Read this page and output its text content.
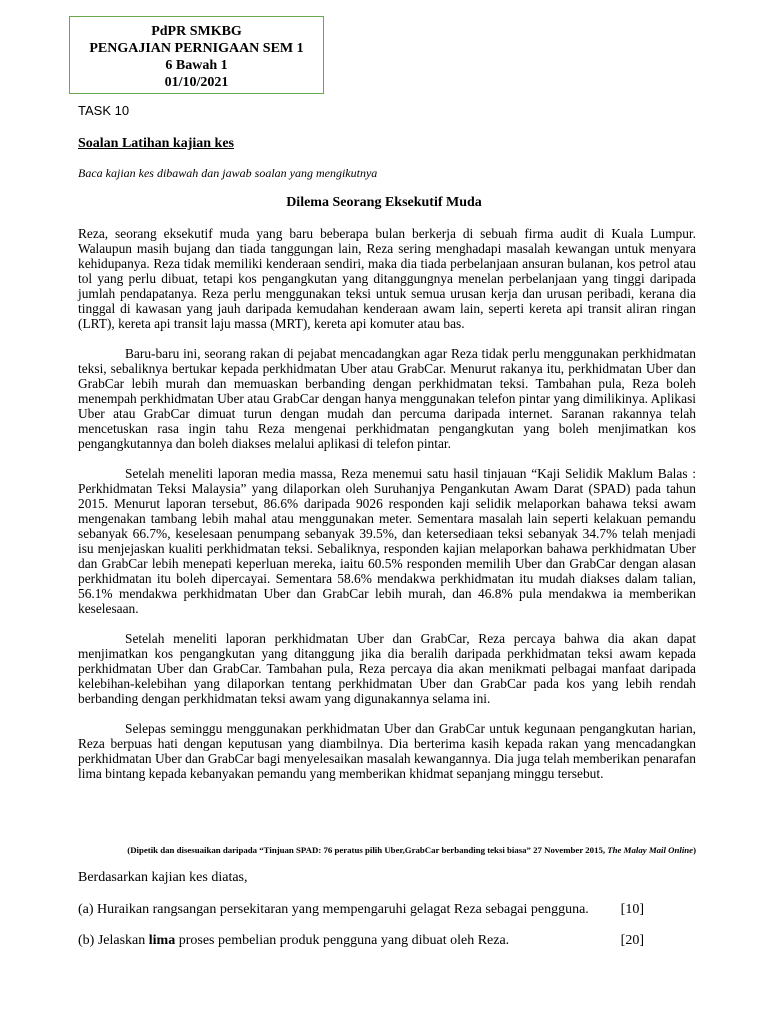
PdPR SMKBG
PENGAJIAN PERNIGAAN SEM 1
6 Bawah 1
01/10/2021
TASK 10
Soalan Latihan kajian kes
Baca kajian kes dibawah dan jawab soalan yang mengikutnya
Dilema Seorang Eksekutif Muda

Reza, seorang eksekutif muda yang baru beberapa bulan berkerja di sebuah firma audit di Kuala Lumpur. Walaupun masih bujang dan tiada tanggungan lain, Reza sering menghadapi masalah kewangan untuk menyara kehidupanya. Reza tidak memiliki kenderaan sendiri, maka dia tiada perbelanjaan ansuran bulanan, kos petrol atau tol yang perlu dibuat, tetapi kos pengangkutan yang ditanggungnya menelan perbelanjaan yang tinggi daripada jumlah pendapatanya. Reza perlu menggunakan teksi untuk semua urusan kerja dan urusan peribadi, kerana dia tinggal di kawasan yang jauh daripada kemudahan kenderaan awam lain, seperti kereta api transit aliran ringan (LRT), kereta api transit laju massa (MRT), kereta api komuter atau bas.

Baru-baru ini, seorang rakan di pejabat mencadangkan agar Reza tidak perlu menggunakan perkhidmatan teksi, sebaliknya bertukar kepada perkhidmatan Uber atau GrabCar. Menurut rakanya itu, perkhidmatan Uber dan GrabCar lebih murah dan memuaskan berbanding dengan perkhidmatan teksi. Tambahan pula, Reza boleh menempah perkhidmatan Uber atau GrabCar dengan hanya menggunakan telefon pintar yang dimilikinya. Aplikasi Uber atau GrabCar dimuat turun dengan mudah dan percuma daripada internet. Saranan rakannya telah mencetuskan rasa ingin tahu Reza mengenai perkhidmatan pengangkutan yang boleh menjimatkan kos pengangkutannya dan boleh diakses melalui aplikasi di telefon pintar.

Setelah meneliti laporan media massa, Reza menemui satu hasil tinjauan “Kaji Selidik Maklum Balas : Perkhidmatan Teksi Malaysia” yang dilaporkan oleh Suruhanjya Pengankutan Awam Darat (SPAD) pada tahun 2015. Menurut laporan tersebut, 86.6% daripada 9026 responden kaji selidik melaporkan bahawa teksi awam mengenakan tambang lebih mahal atau menggunakan meter. Sementara masalah lain seperti kelakuan pemandu sebanyak 66.7%, keselesaan penumpang sebanyak 39.5%, dan ketersediaan teksi sebanyak 34.7% telah menjadi isu menjejaskan kualiti perkhidmatan teksi. Sebaliknya, responden kajian melaporkan bahawa perkhidmatan Uber dan GrabCar lebih menepati keperluan mereka, iaitu 60.5% responden memilih Uber dan GrabCar dengan alasan perkhidmatan itu boleh dipercayai. Sementara 58.6% mendakwa perkhidmatan itu mudah diakses dalam talian, 56.1% mendakwa perkhidmatan Uber dan GrabCar lebih murah, dan 46.8% pula mendakwa ia memberikan keselesaan.

Setelah meneliti laporan perkhidmatan Uber dan GrabCar, Reza percaya bahwa dia akan dapat menjimatkan kos pengangkutan yang ditanggung jika dia beralih daripada perkhidmatan teksi awam kepada perkhidmatan Uber dan GrabCar. Tambahan pula, Reza percaya dia akan menikmati pelbagai manfaat daripada kelebihan-kelebihan yang dilaporkan tentang perkhidmatan Uber dan GrabCar pada kos yang lebih rendah berbanding dengan perkhidmatan teksi awam yang digunakannya selama ini.

Selepas seminggu menggunakan perkhidmatan Uber dan GrabCar untuk kegunaan pengangkutan harian, Reza berpuas hati dengan keputusan yang diambilnya. Dia berterima kasih kepada rakan yang mencadangkan perkhidmatan Uber dan GrabCar bagi menyelesaikan masalah kewangannya. Dia juga telah memberikan penarafan lima bintang kepada kebanyakan pemandu yang memberikan khidmat sepanjang minggu tersebut.

(Dipetik dan disesuaikan daripada “Tinjuan SPAD: 76 peratus pilih Uber,GrabCar berbanding teksi biasa” 27 November 2015, The Malay Mail Online)
Berdasarkan kajian kes diatas,
(a) Huraikan rangsangan persekitaran yang mempengaruhi gelagat Reza sebagai pengguna. [10]
(b) Jelaskan lima proses pembelian produk pengguna yang dibuat oleh Reza.	[20]
